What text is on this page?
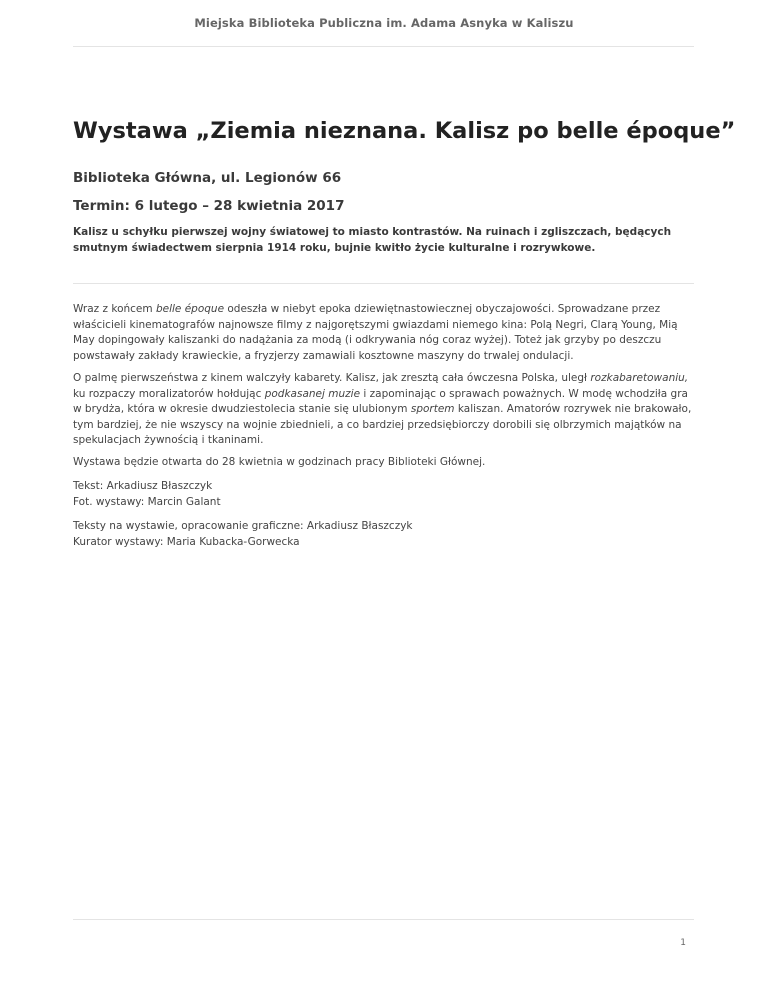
Miejska Biblioteka Publiczna im. Adama Asnyka w Kaliszu
Wystawa „Ziemia nieznana. Kalisz po belle époque”
Biblioteka Główna, ul. Legionów 66
Termin: 6 lutego – 28 kwietnia 2017

Kalisz u schyłku pierwszej wojny światowej to miasto kontrastów. Na ruinach i zgliszczach, będących
smutnym świadectwem sierpnia 1914 roku, bujnie kwitło życie kulturalne i rozrywkowe.

Wraz z końcem belle époque odeszła w niebyt epoka dziewiętnastowiecznej obyczajowości. Sprowadzane przez
właścicieli kinematografów najnowsze filmy z najgorętszymi gwiazdami niemego kina: Polą Negri, Clarą Young, Mią
May dopingowały kaliszanki do nadążania za modą (i odkrywania nóg coraz wyżej). Toteż jak grzyby po deszczu
powstawały zakłady krawieckie, a fryzjerzy zamawiali kosztowne maszyny do trwalej ondulacji.

O palmę pierwszeństwa z kinem walczyły kabarety. Kalisz, jak zresztą cała ówczesna Polska, uległ rozkabaretowaniu,
ku rozpaczy moralizatorów hołdując podkasanej muzie i zapominając o sprawach poważnych. W modę wchodziła gra
w brydża, która w okresie dwudziestolecia stanie się ulubionym sportem kaliszan. Amatorów rozrywek nie brakowało,
tym bardziej, że nie wszyscy na wojnie zbiednieli, a co bardziej przedsiębiorczy dorobili się olbrzymich majątków na
spekulacjach żywnością i tkaninami.

Wystawa będzie otwarta do 28 kwietnia w godzinach pracy Biblioteki Głównej.

Tekst: Arkadiusz Błaszczyk
Fot. wystawy: Marcin Galant

Teksty na wystawie, opracowanie graficzne: Arkadiusz Błaszczyk
Kurator wystawy: Maria Kubacka-Gorwecka

1
